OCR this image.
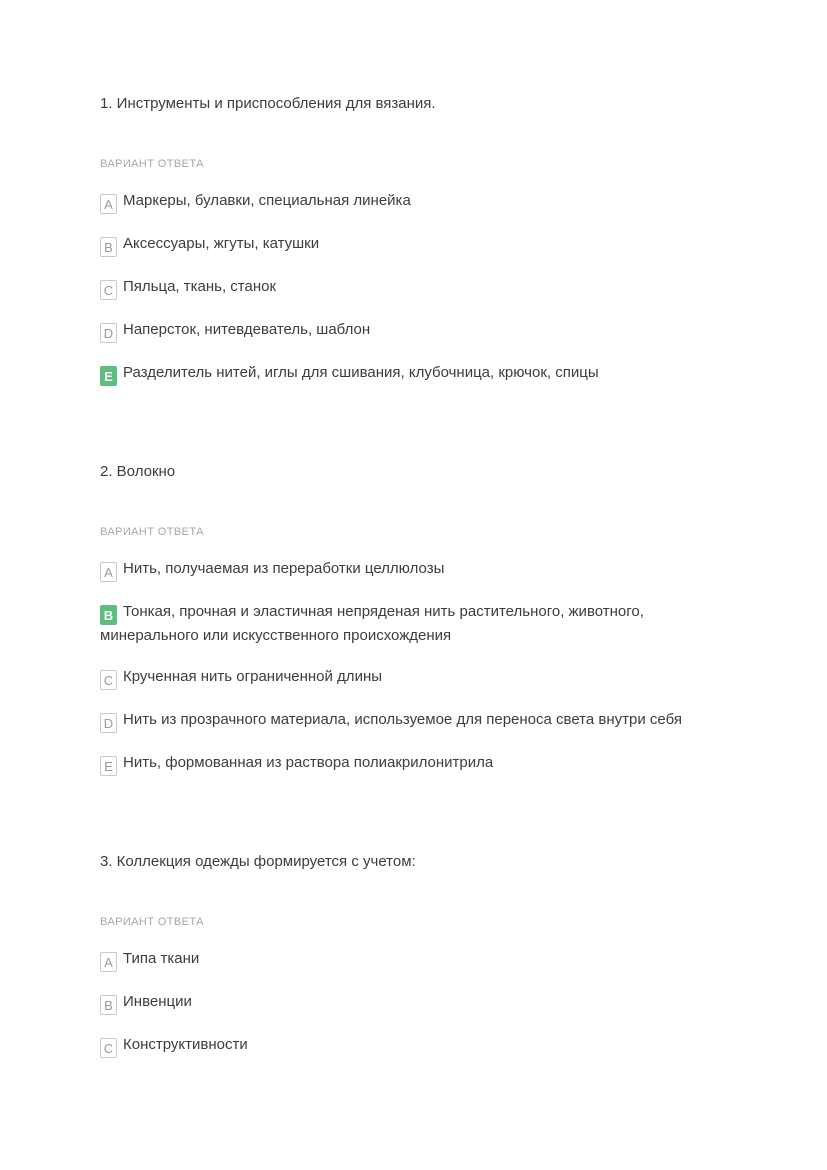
1. Инструменты и приспособления для вязания.
ВАРИАНТ ОТВЕТА

A Маркеры, булавки, специальная линейка

B Аксессуары, жгуты, катушки

C Пяльца, ткань, станок

D Наперсток, нитевдеватель, шаблон

E Разделитель нитей, иглы для сшивания, клубочница, крючок, спицы

2. Волокно
ВАРИАНТ ОТВЕТА

A Нить, получаемая из переработки целлюлозы

B Тонкая, прочная и эластичная непряденая нить растительного, животного, минерального или искусственного происхождения

C Крученная нить ограниченной длины

D Нить из прозрачного материала, используемое для переноса света внутри себя

E Нить, формованная из раствора полиакрилонитрила

3. Коллекция одежды формируется с учетом:
ВАРИАНТ ОТВЕТА

A Типа ткани

B Инвенции

C Конструктивности
